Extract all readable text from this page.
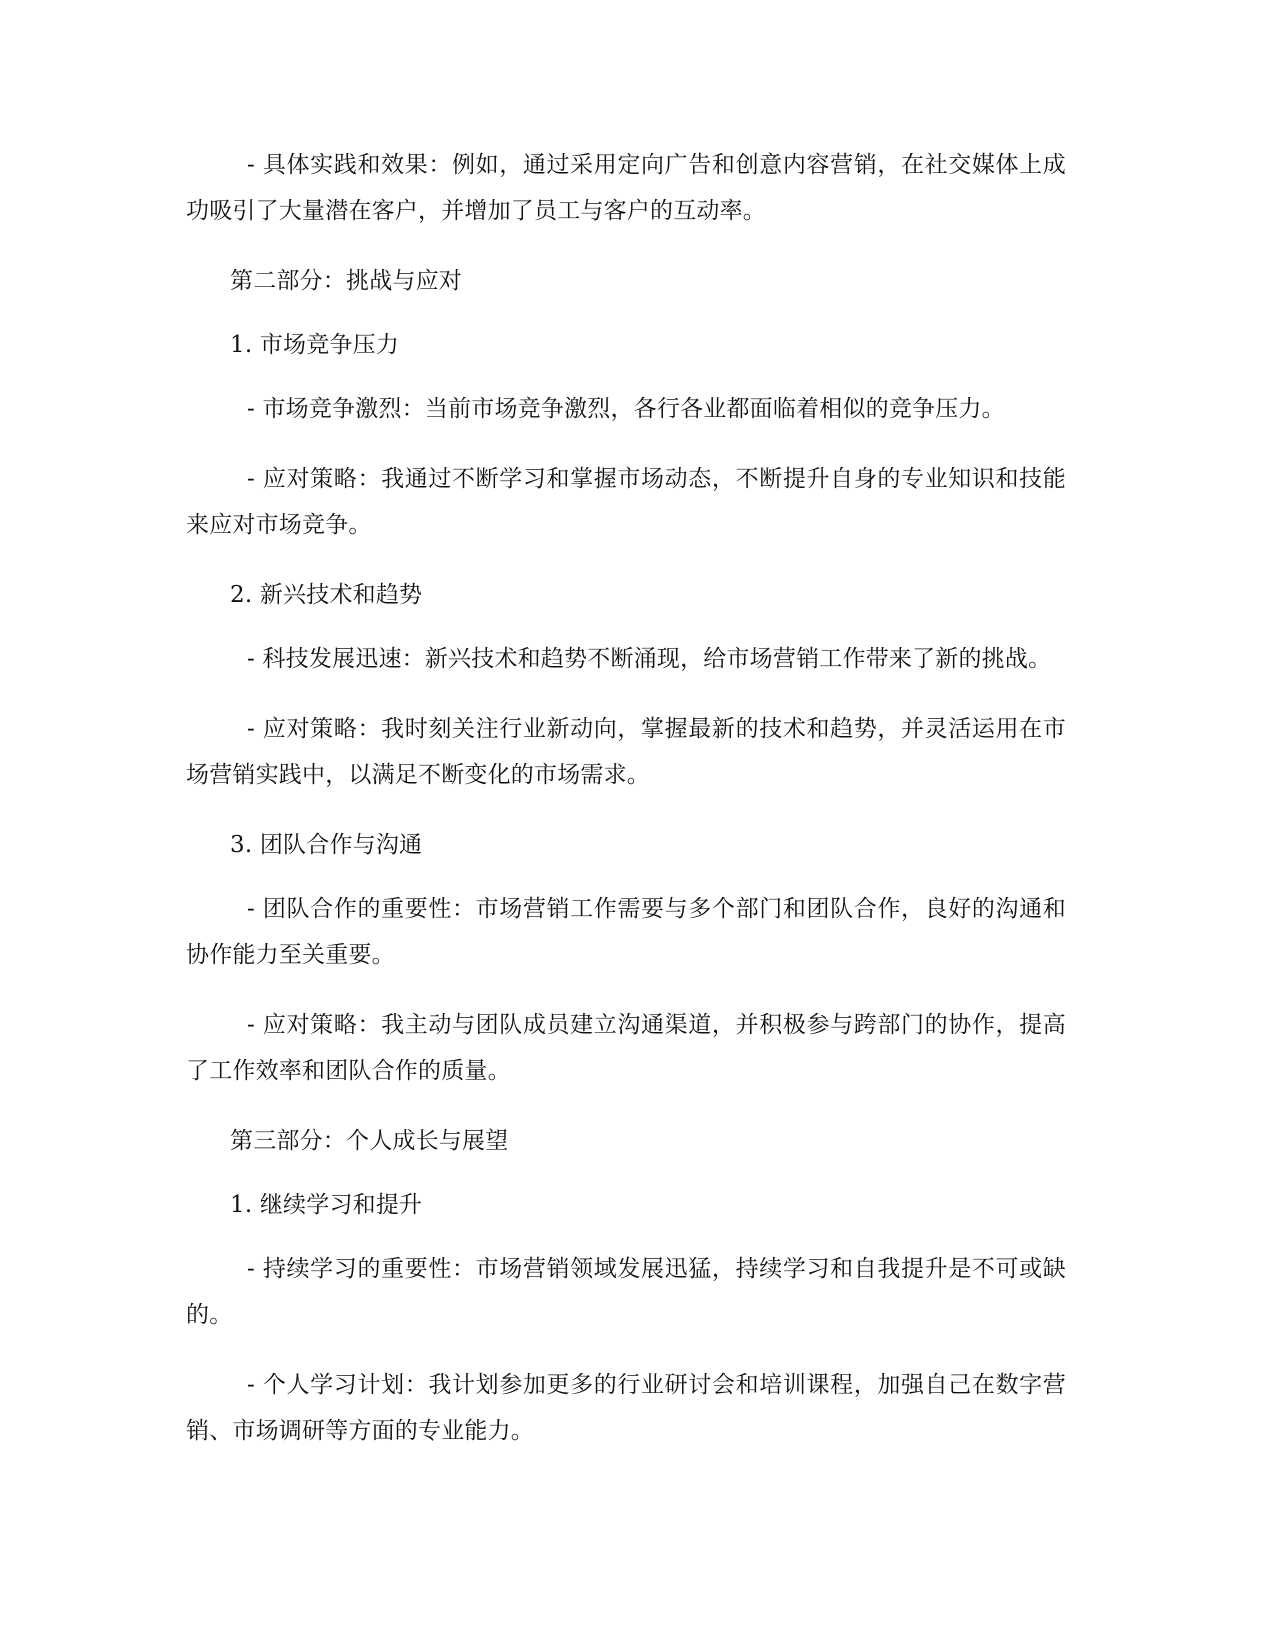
- 具体实践和效果：例如，通过采用定向广告和创意内容营销，在社交媒体上成功吸引了大量潜在客户，并增加了员工与客户的互动率。

第二部分：挑战与应对

1. 市场竞争压力

- 市场竞争激烈：当前市场竞争激烈，各行各业都面临着相似的竞争压力。

- 应对策略：我通过不断学习和掌握市场动态，不断提升自身的专业知识和技能来应对市场竞争。

2. 新兴技术和趋势

- 科技发展迅速：新兴技术和趋势不断涌现，给市场营销工作带来了新的挑战。

- 应对策略：我时刻关注行业新动向，掌握最新的技术和趋势，并灵活运用在市场营销实践中，以满足不断变化的市场需求。

3. 团队合作与沟通

- 团队合作的重要性：市场营销工作需要与多个部门和团队合作，良好的沟通和协作能力至关重要。

- 应对策略：我主动与团队成员建立沟通渠道，并积极参与跨部门的协作，提高了工作效率和团队合作的质量。

第三部分：个人成长与展望

1. 继续学习和提升

- 持续学习的重要性：市场营销领域发展迅猛，持续学习和自我提升是不可或缺的。

- 个人学习计划：我计划参加更多的行业研讨会和培训课程，加强自己在数字营销、市场调研等方面的专业能力。
